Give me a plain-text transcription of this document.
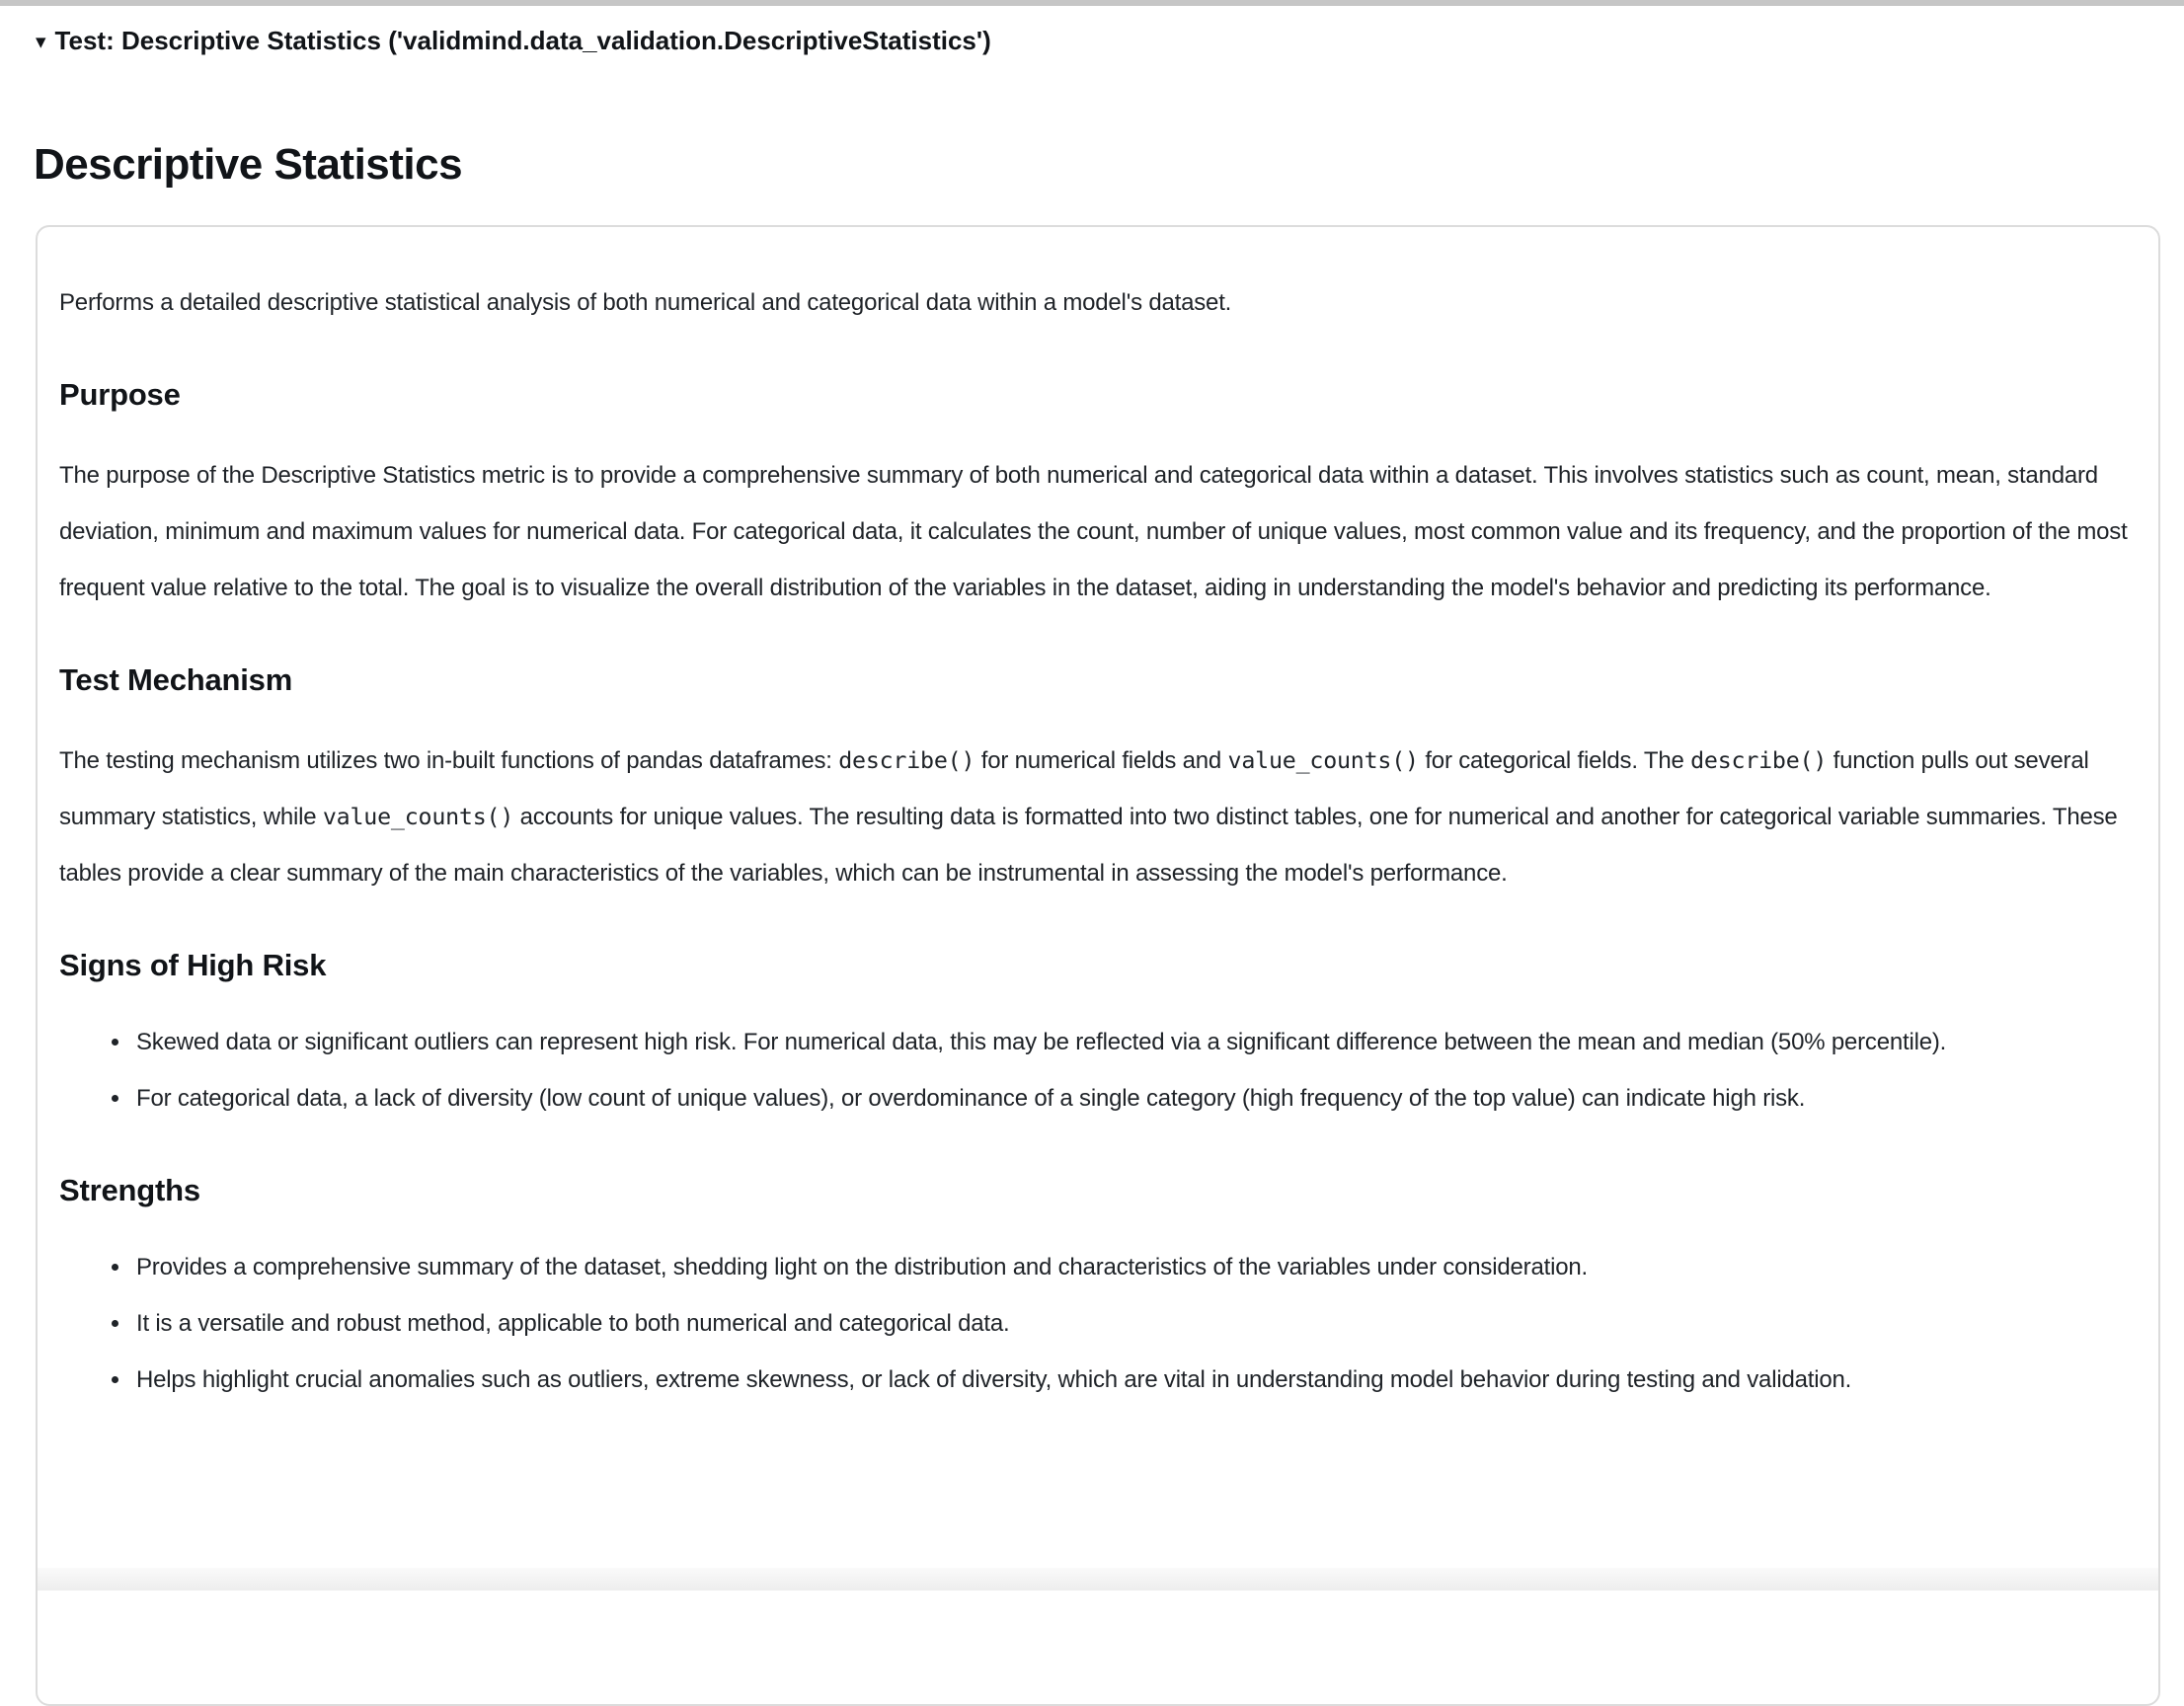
▾ Test: Descriptive Statistics ('validmind.data_validation.DescriptiveStatistics')
Descriptive Statistics

Performs a detailed descriptive statistical analysis of both numerical and categorical data within a model's dataset.

Purpose

The purpose of the Descriptive Statistics metric is to provide a comprehensive summary of both numerical and categorical data within a dataset. This involves statistics such as count, mean, standard deviation, minimum and maximum values for numerical data. For categorical data, it calculates the count, number of unique values, most common value and its frequency, and the proportion of the most frequent value relative to the total. The goal is to visualize the overall distribution of the variables in the dataset, aiding in understanding the model's behavior and predicting its performance.

Test Mechanism

The testing mechanism utilizes two in-built functions of pandas dataframes: describe() for numerical fields and value_counts() for categorical fields. The describe() function pulls out several summary statistics, while value_counts() accounts for unique values. The resulting data is formatted into two distinct tables, one for numerical and another for categorical variable summaries. These tables provide a clear summary of the main characteristics of the variables, which can be instrumental in assessing the model's performance.

Signs of High Risk
• Skewed data or significant outliers can represent high risk. For numerical data, this may be reflected via a significant difference between the mean and median (50% percentile).
• For categorical data, a lack of diversity (low count of unique values), or overdominance of a single category (high frequency of the top value) can indicate high risk.
Strengths
• Provides a comprehensive summary of the dataset, shedding light on the distribution and characteristics of the variables under consideration.
• It is a versatile and robust method, applicable to both numerical and categorical data.
• Helps highlight crucial anomalies such as outliers, extreme skewness, or lack of diversity, which are vital in understanding model behavior during testing and validation.
